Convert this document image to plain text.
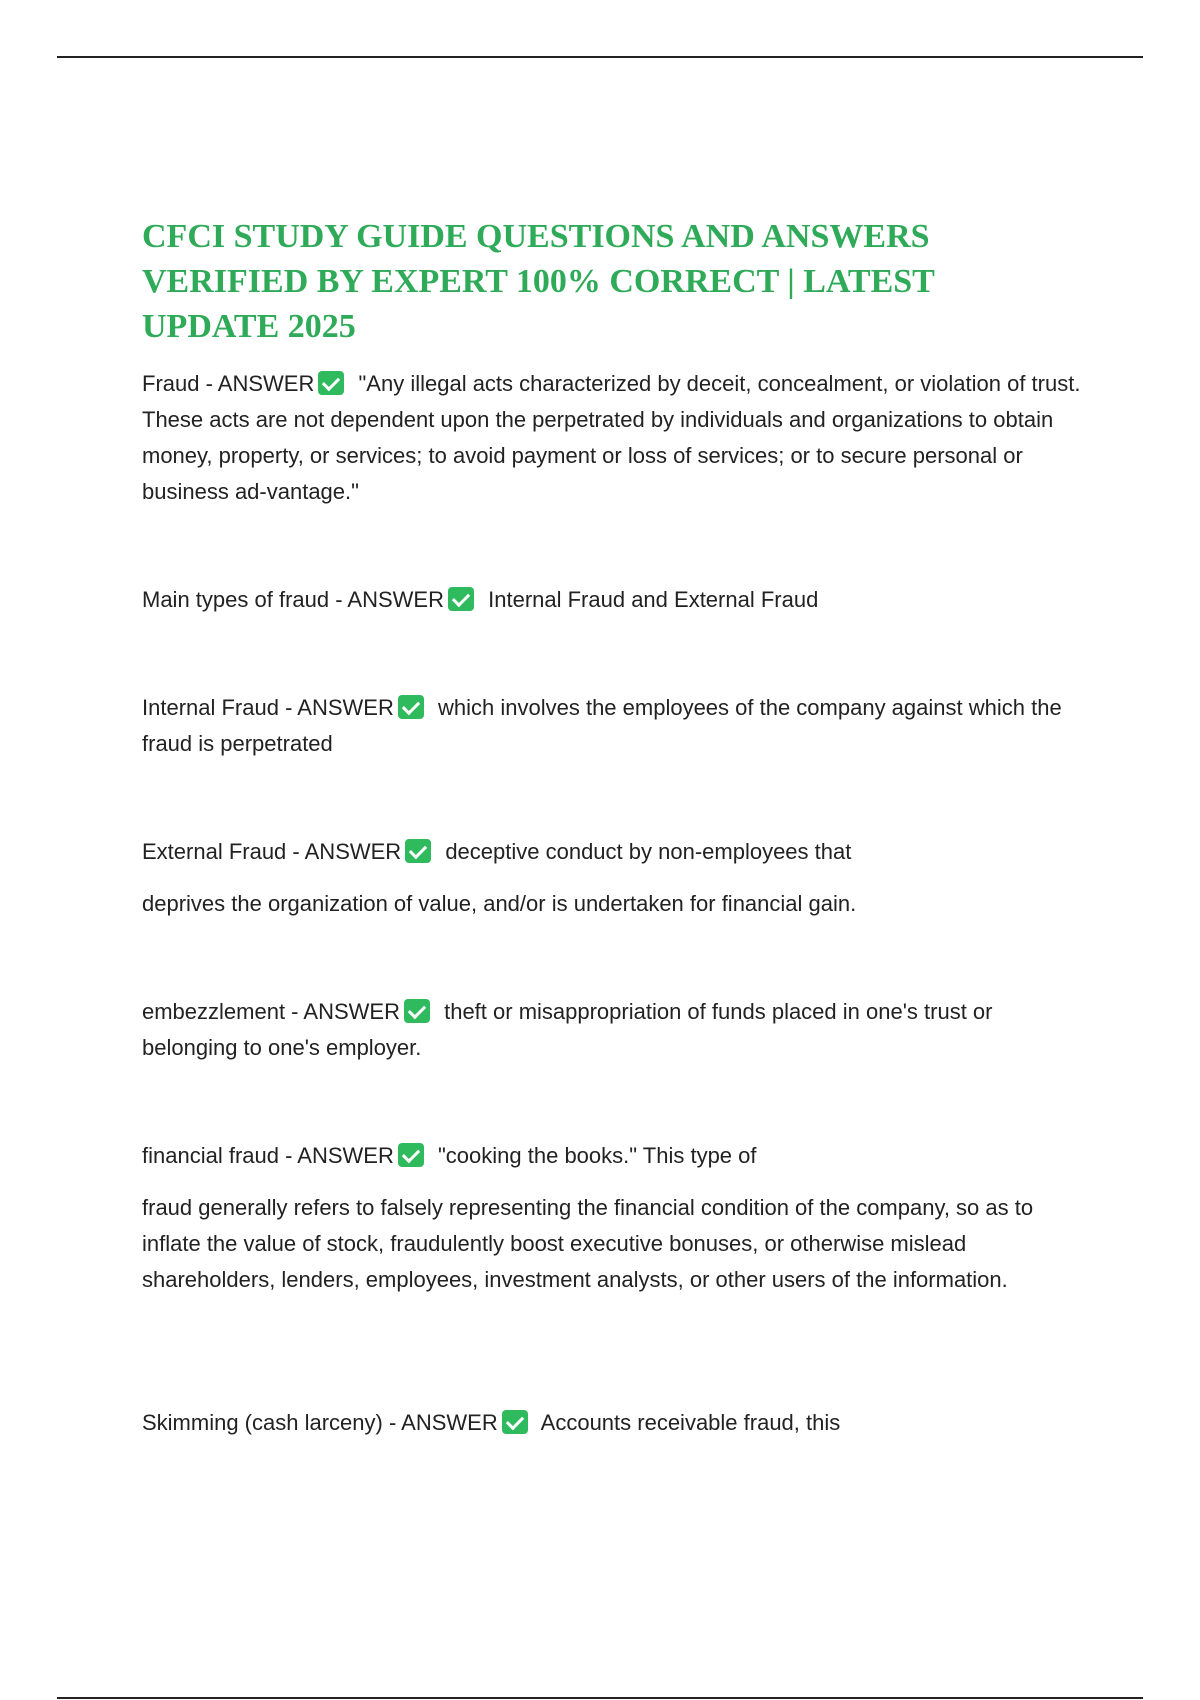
CFCI STUDY GUIDE QUESTIONS AND ANSWERS VERIFIED BY EXPERT 100% CORRECT | LATEST UPDATE 2025

Fraud - ANSWER "Any illegal acts characterized by deceit, concealment, or violation of trust. These acts are not dependent upon the perpetrated by individuals and organizations to obtain money, property, or services; to avoid payment or loss of services; or to secure personal or business ad-vantage."

Main types of fraud - ANSWER Internal Fraud and External Fraud

Internal Fraud - ANSWER which involves the employees of the company against which the fraud is perpetrated

External Fraud - ANSWER deceptive conduct by non-employees that
deprives the organization of value, and/or is undertaken for financial gain.

embezzlement - ANSWER theft or misappropriation of funds placed in one's trust or belonging to one's employer.

financial fraud - ANSWER "cooking the books." This type of
fraud generally refers to falsely representing the financial condition of the company, so as to inflate the value of stock, fraudulently boost executive bonuses, or otherwise mislead shareholders, lenders, employees, investment analysts, or other users of the information.

Skimming (cash larceny) - ANSWER Accounts receivable fraud, this
